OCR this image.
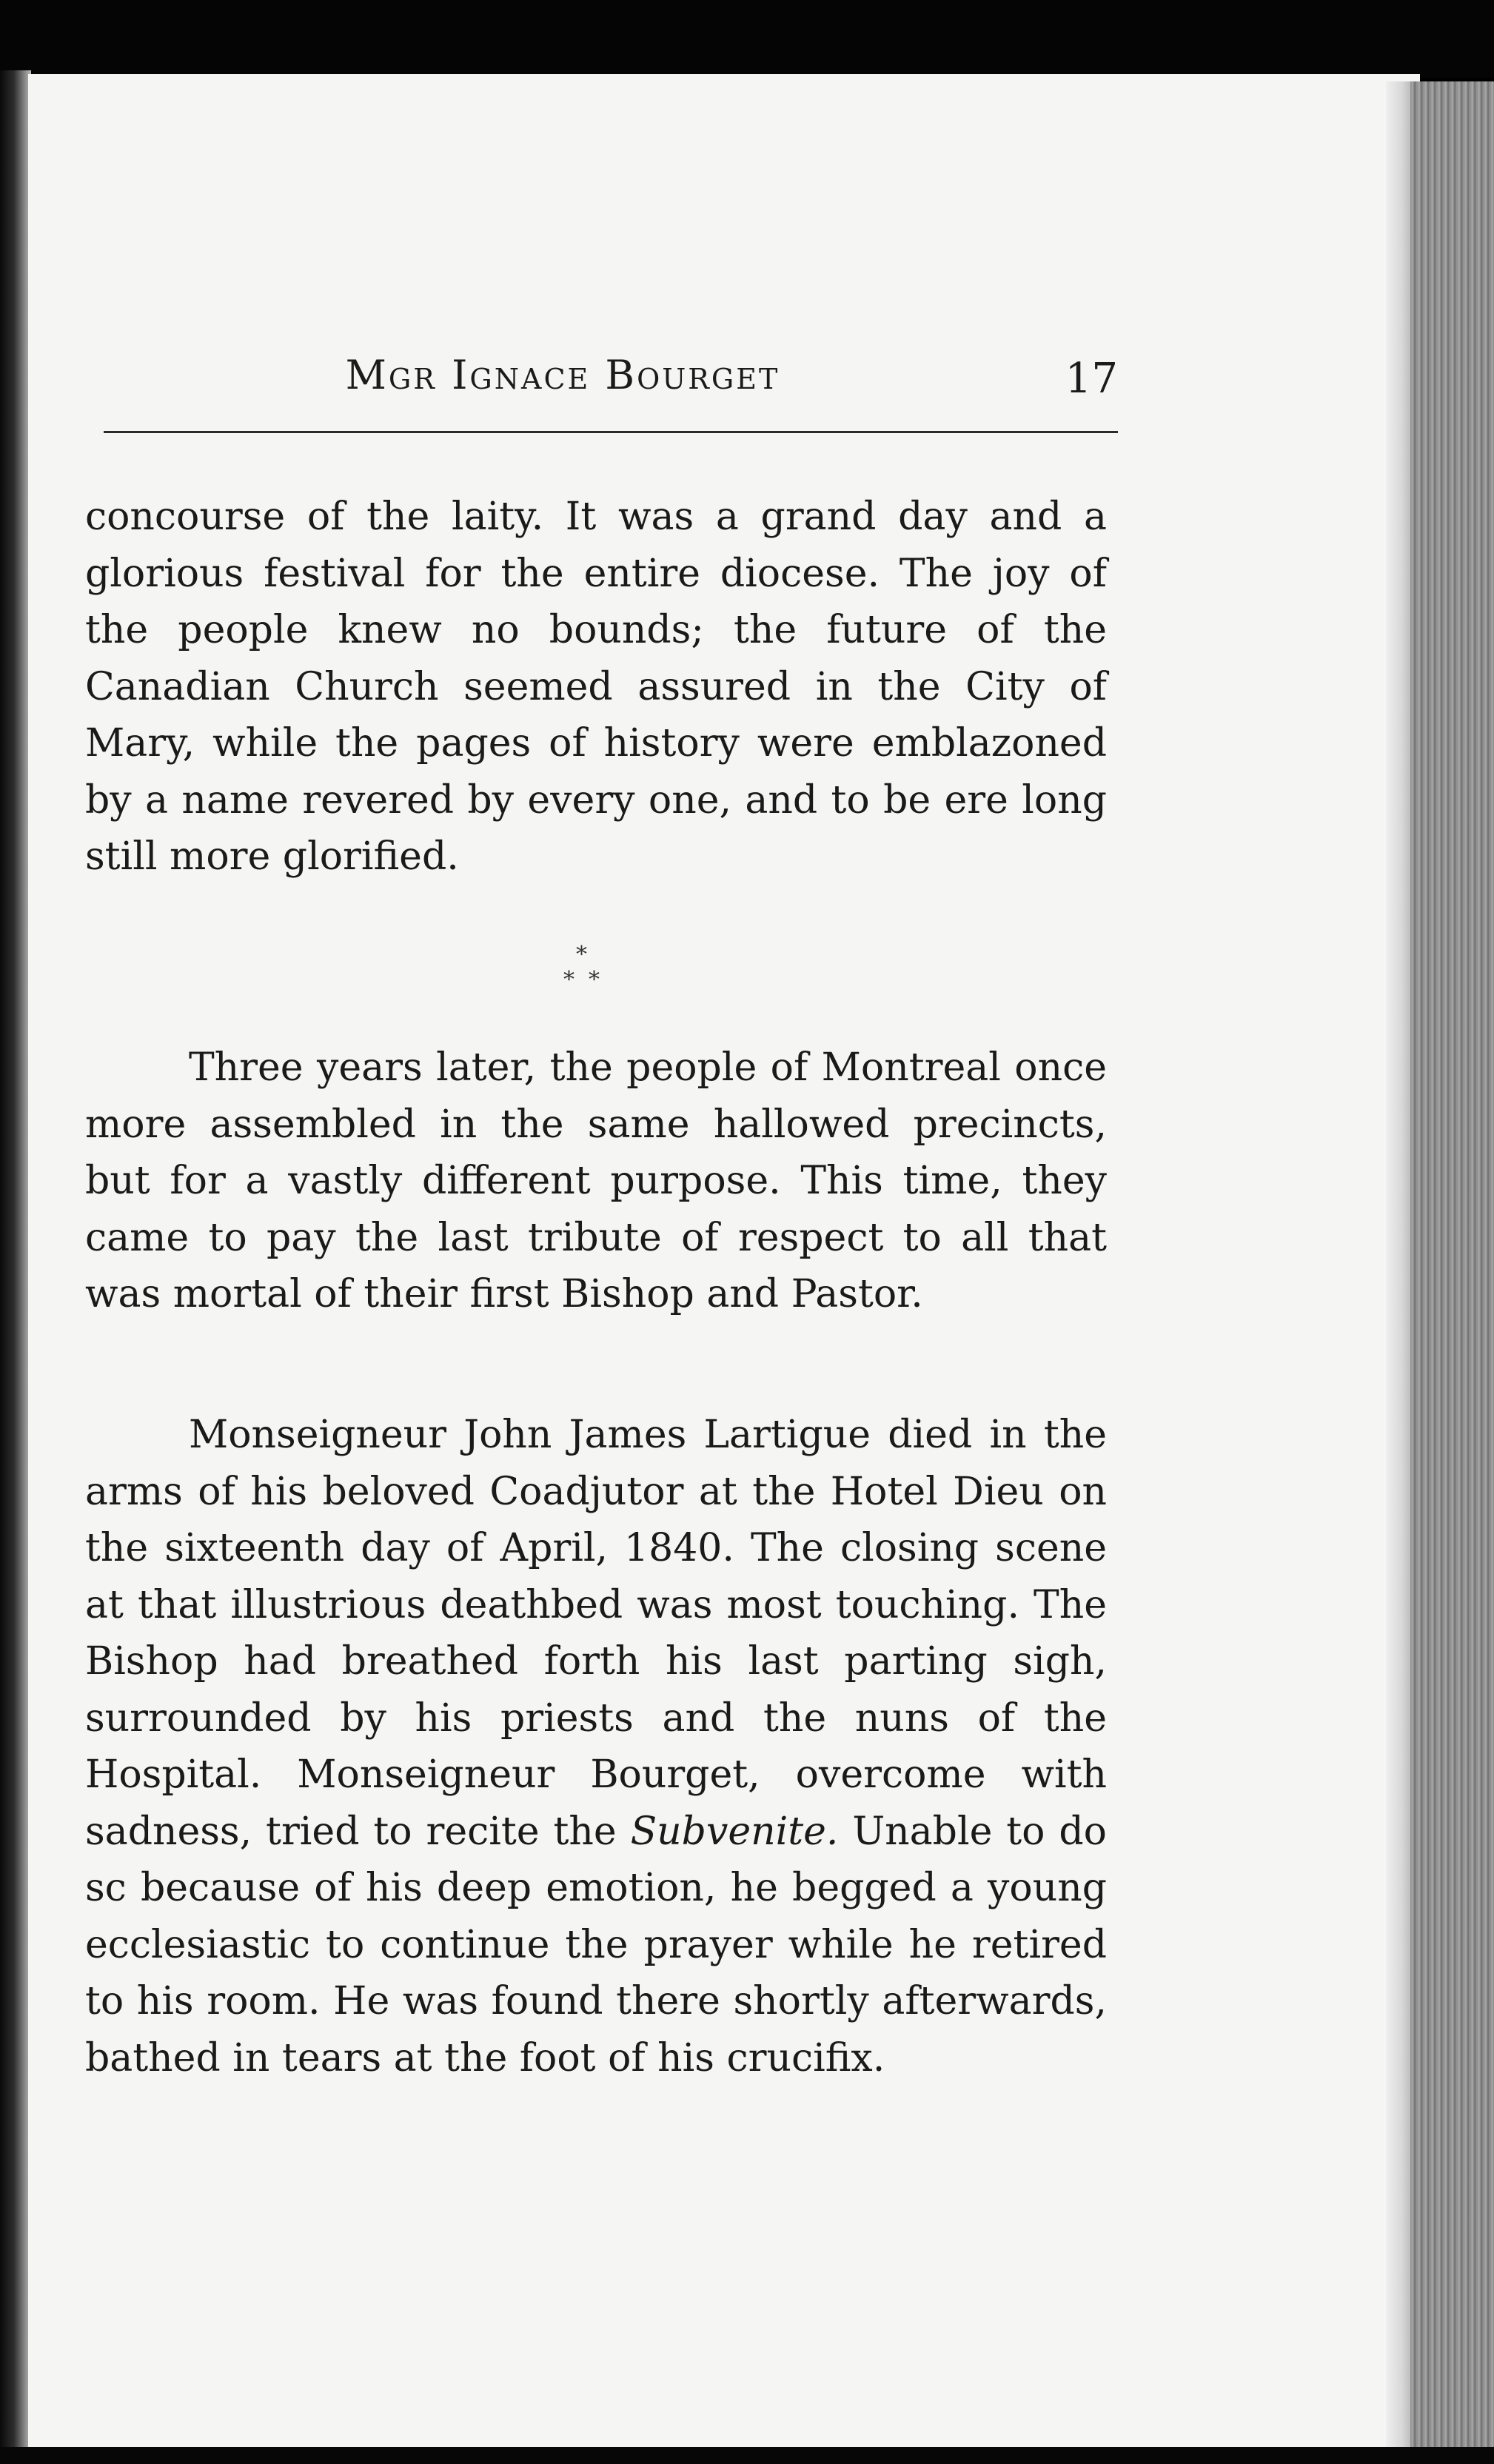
Mgr Ignace Bourget	17
concourse of the laity. It was a grand day and a glorious festival for the entire diocese. The joy of the people knew no bounds; the future of the Canadian Church seemed assured in the City of Mary, while the pages of history were emblazoned by a name revered by every one, and to be ere long still more glorified.
*
* *
Three years later, the people of Montreal once more assembled in the same hallowed precincts, but for a vastly different purpose. This time, they came to pay the last tribute of respect to all that was mortal of their first Bishop and Pastor.
Monseigneur John James Lartigue died in the arms of his beloved Coadjutor at the Hotel Dieu on the sixteenth day of April, 1840. The closing scene at that illustrious deathbed was most touching. The Bishop had breathed forth his last parting sigh, surrounded by his priests and the nuns of the Hospital. Monseigneur Bourget, overcome with sadness, tried to recite the Subvenite. Unable to do sc because of his deep emotion, he begged a young ecclesiastic to continue the prayer while he retired to his room. He was found there shortly afterwards, bathed in tears at the foot of his crucifix.
